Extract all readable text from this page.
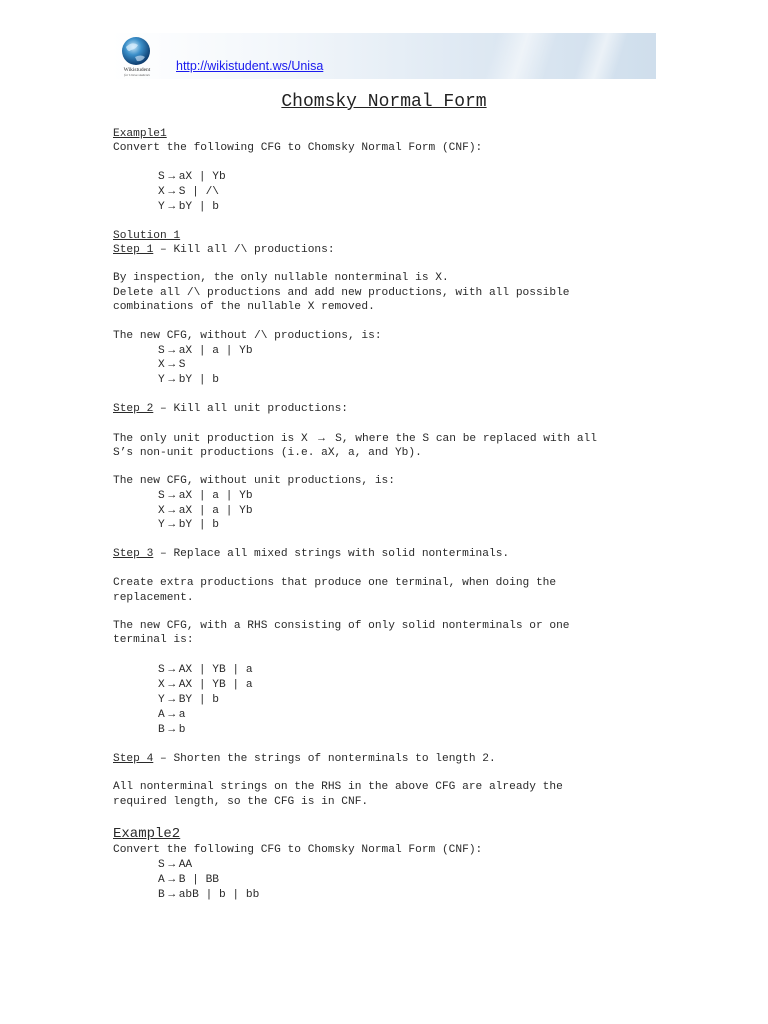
Wikistudent
for Unisa students
http://wikistudent.ws/Unisa
Chomsky Normal Form
Example1
Convert the following CFG to Chomsky Normal Form (CNF):
S → aX | Yb
X → S | /\
Y → bY | b
Solution 1
Step 1 – Kill all /\ productions:
By inspection, the only nullable nonterminal is X.
Delete all /\ productions and add new productions, with all possible
combinations of the nullable X removed.
The new CFG, without /\ productions, is:
S → aX | a | Yb
X → S
Y → bY | b
Step 2 – Kill all unit productions:
The only unit production is X → S, where the S can be replaced with all
S’s non-unit productions (i.e. aX, a, and Yb).
The new CFG, without unit productions, is:
S → aX | a | Yb
X → aX | a | Yb
Y → bY | b
Step 3 – Replace all mixed strings with solid nonterminals.
Create extra productions that produce one terminal, when doing the
replacement.
The new CFG, with a RHS consisting of only solid nonterminals or one
terminal is:
S → AX | YB | a
X → AX | YB | a
Y → BY | b
A → a
B → b
Step 4 – Shorten the strings of nonterminals to length 2.
All nonterminal strings on the RHS in the above CFG are already the
required length, so the CFG is in CNF.
Example2
Convert the following CFG to Chomsky Normal Form (CNF):
S → AA
A → B | BB
B → abB | b | bb
